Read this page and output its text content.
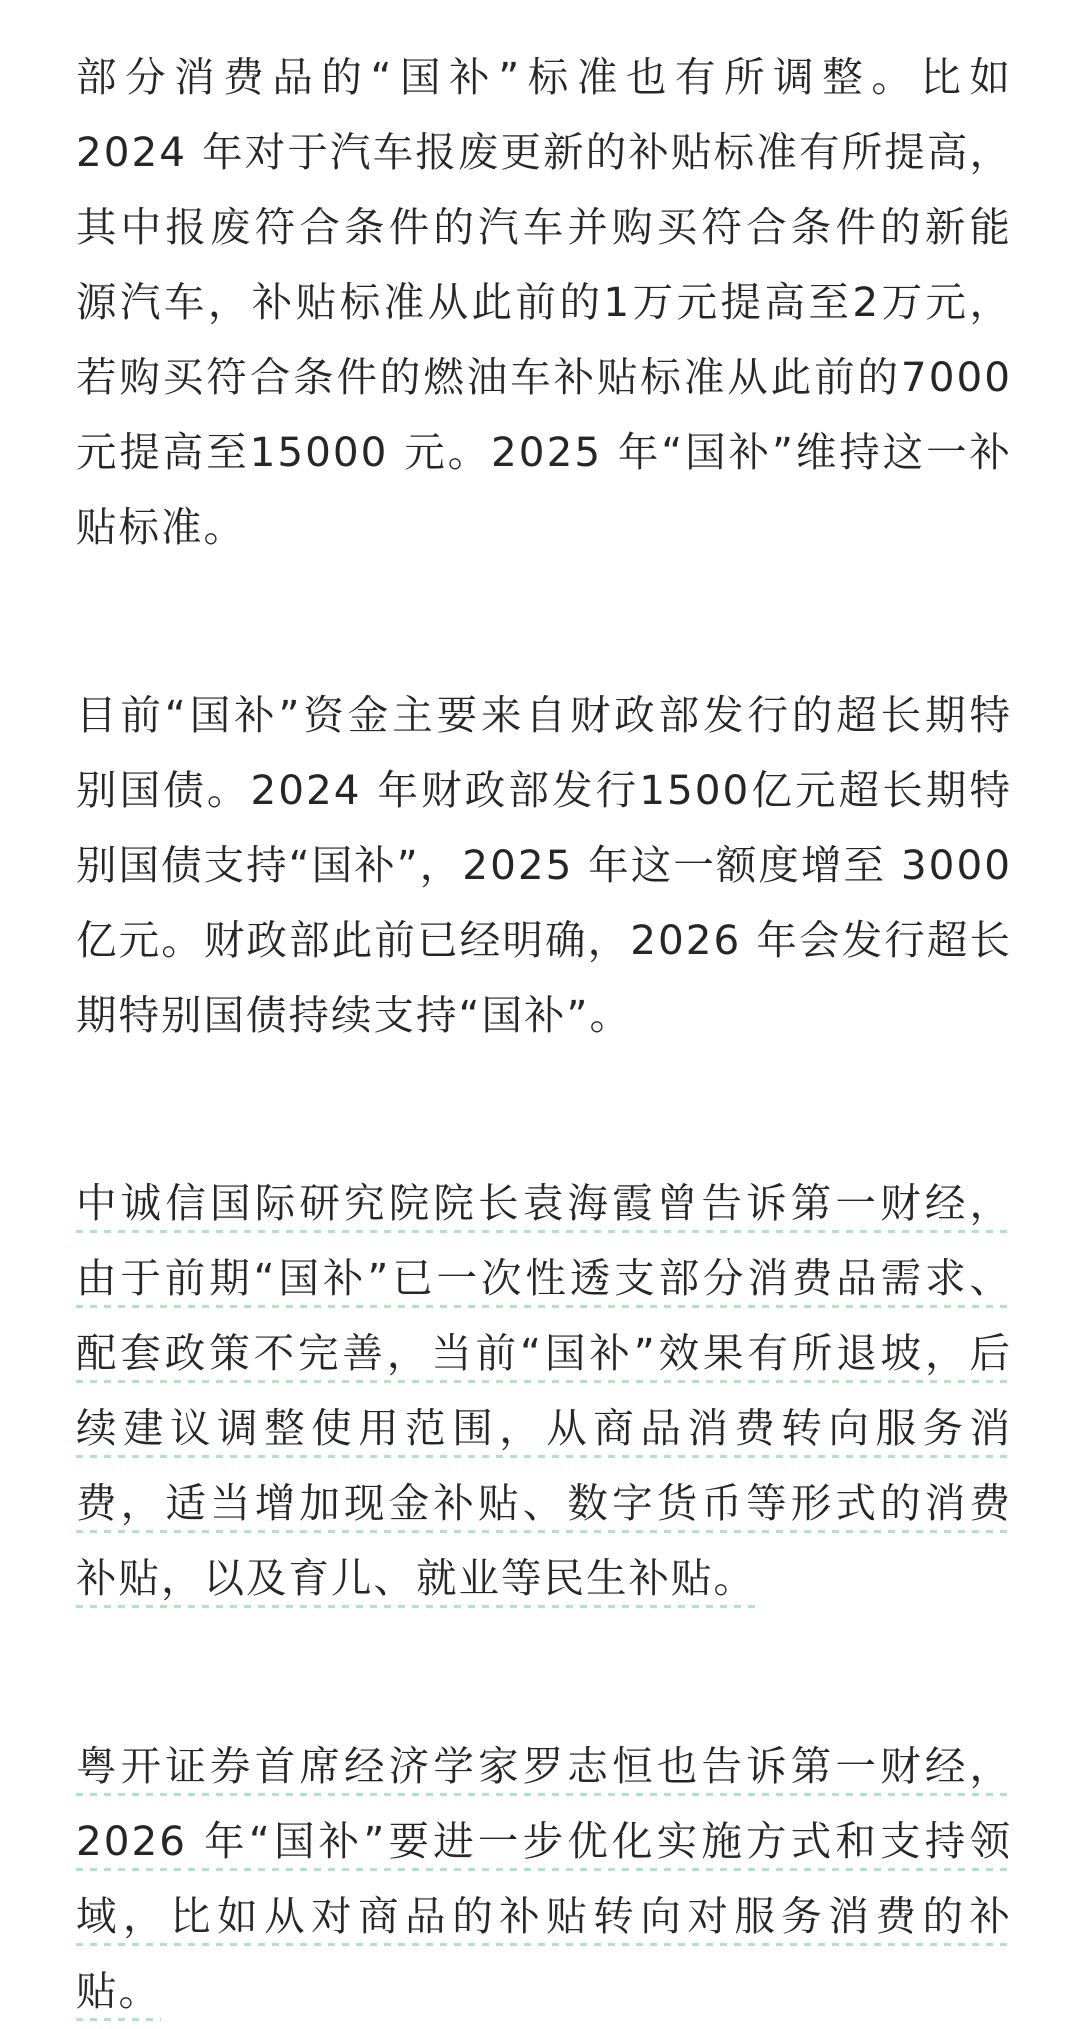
部分消费品的“国补”标准也有所调整。比如
2024 年对于汽车报废更新的补贴标准有所提高，
其中报废符合条件的汽车并购买符合条件的新能
源汽车，补贴标准从此前的1万元提高至2万元，
若购买符合条件的燃油车补贴标准从此前的7000
元提高至15000 元。2025 年“国补”维持这一补
贴标准。
目前“国补”资金主要来自财政部发行的超长期特
别国债。2024 年财政部发行1500亿元超长期特
别国债支持“国补”，2025 年这一额度增至 3000
亿元。财政部此前已经明确，2026 年会发行超长
期特别国债持续支持“国补”。
中诚信国际研究院院长袁海霞曾告诉第一财经，
由于前期“国补”已一次性透支部分消费品需求、
配套政策不完善，当前“国补”效果有所退坡，后
续建议调整使用范围，从商品消费转向服务消
费，适当增加现金补贴、数字货币等形式的消费
补贴，以及育儿、就业等民生补贴。
粤开证券首席经济学家罗志恒也告诉第一财经，
2026 年“国补”要进一步优化实施方式和支持领
域，比如从对商品的补贴转向对服务消费的补
贴。
